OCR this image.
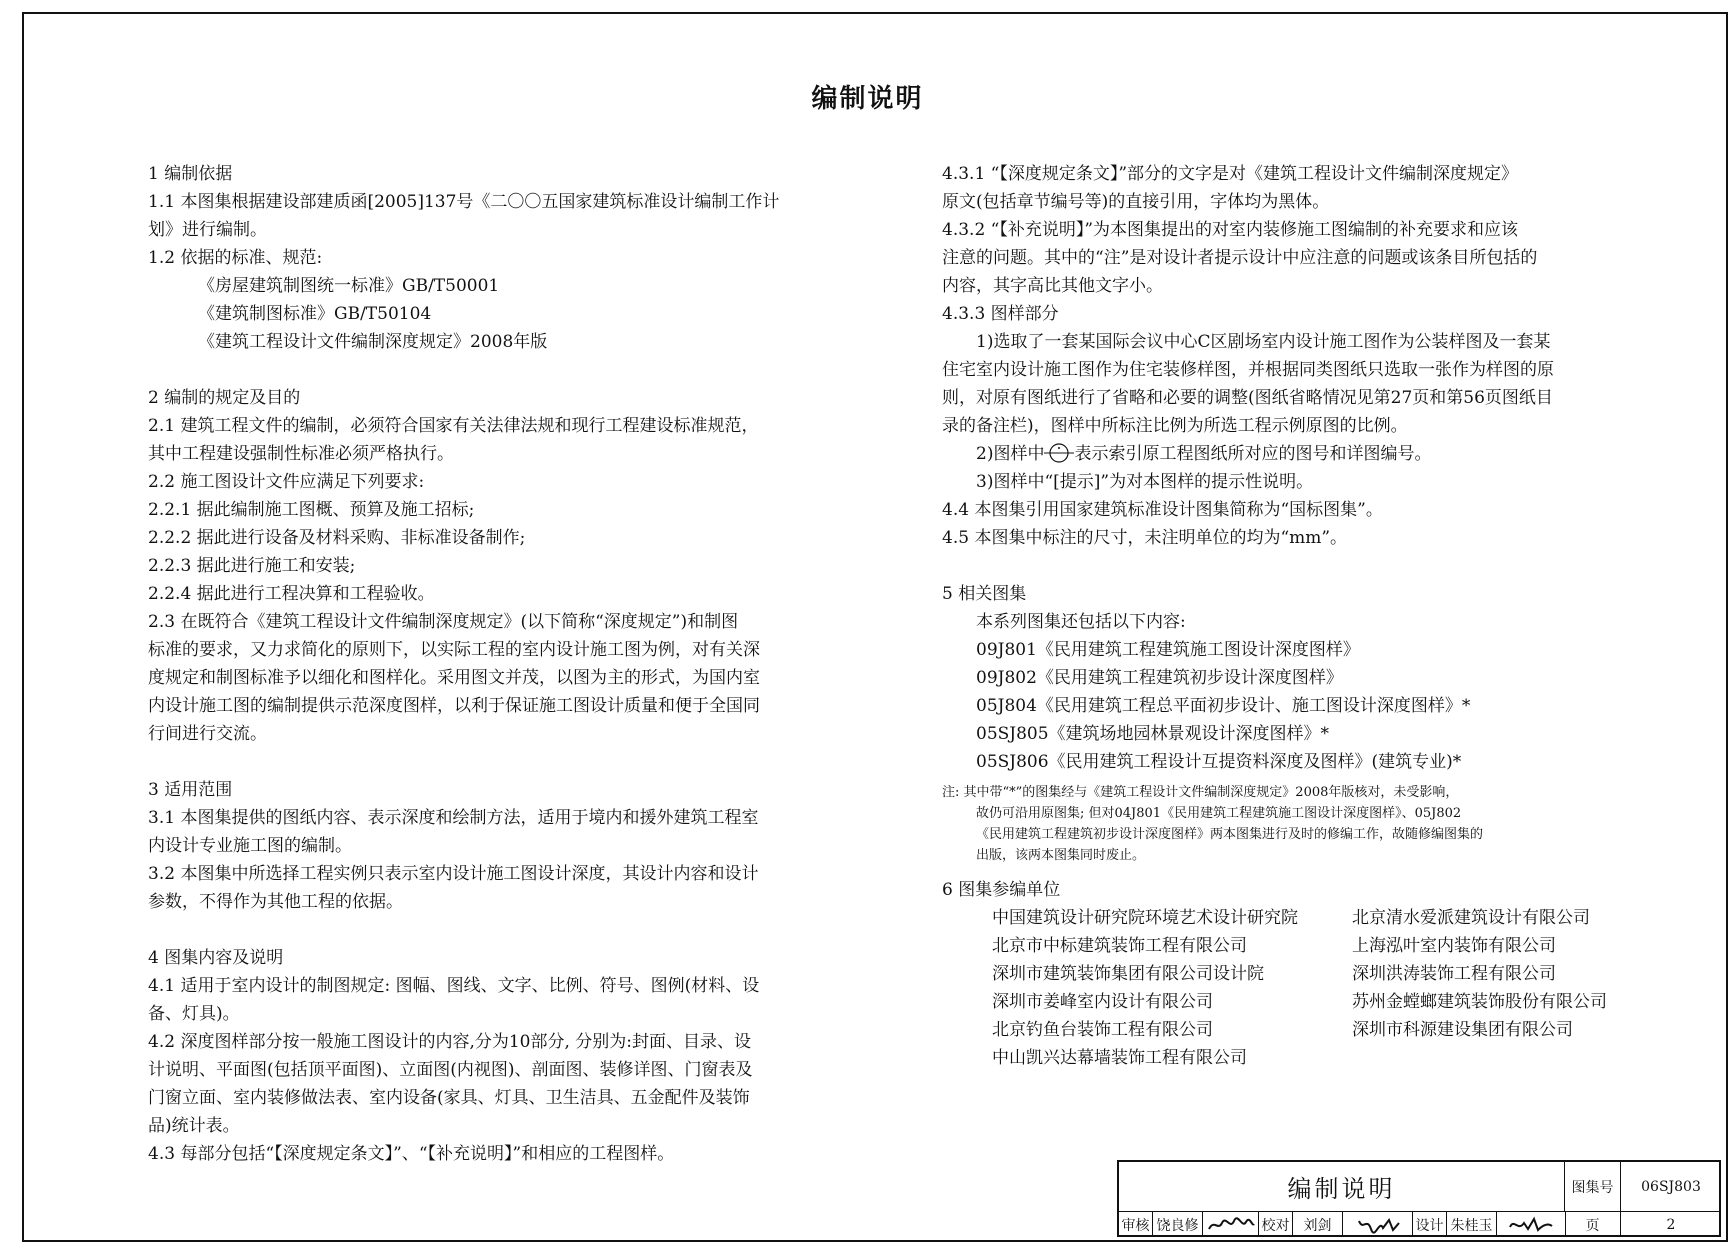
编制说明
1 编制依据
1.1 本图集根据建设部建质函[2005]137号《二〇〇五国家建筑标准设计编制工作计
划》进行编制。
1.2 依据的标准、规范:
《房屋建筑制图统一标准》GB/T50001
《建筑制图标准》GB/T50104
《建筑工程设计文件编制深度规定》2008年版
2 编制的规定及目的
2.1 建筑工程文件的编制，必须符合国家有关法律法规和现行工程建设标准规范，
其中工程建设强制性标准必须严格执行。
2.2 施工图设计文件应满足下列要求:
2.2.1 据此编制施工图概、预算及施工招标;
2.2.2 据此进行设备及材料采购、非标准设备制作;
2.2.3 据此进行施工和安装;
2.2.4 据此进行工程决算和工程验收。
2.3 在既符合《建筑工程设计文件编制深度规定》(以下简称“深度规定”)和制图
标准的要求，又力求简化的原则下，以实际工程的室内设计施工图为例，对有关深
度规定和制图标准予以细化和图样化。采用图文并茂，以图为主的形式，为国内室
内设计施工图的编制提供示范深度图样，以利于保证施工图设计质量和便于全国同
行间进行交流。
3 适用范围
3.1 本图集提供的图纸内容、表示深度和绘制方法，适用于境内和援外建筑工程室
内设计专业施工图的编制。
3.2 本图集中所选择工程实例只表示室内设计施工图设计深度，其设计内容和设计
参数，不得作为其他工程的依据。
4 图集内容及说明
4.1 适用于室内设计的制图规定: 图幅、图线、文字、比例、符号、图例(材料、设
备、灯具)。
4.2 深度图样部分按一般施工图设计的内容,分为10部分, 分别为:封面、目录、设
计说明、平面图(包括顶平面图)、立面图(内视图)、剖面图、装修详图、门窗表及
门窗立面、室内装修做法表、室内设备(家具、灯具、卫生洁具、五金配件及装饰
品)统计表。
4.3 每部分包括“【深度规定条文】”、“【补充说明】”和相应的工程图样。
4.3.1 “【深度规定条文】”部分的文字是对《建筑工程设计文件编制深度规定》
原文(包括章节编号等)的直接引用，字体均为黑体。
4.3.2 “【补充说明】”为本图集提出的对室内装修施工图编制的补充要求和应该
注意的问题。其中的“注”是对设计者提示设计中应注意的问题或该条目所包括的
内容，其字高比其他文字小。
4.3.3 图样部分
1)选取了一套某国际会议中心C区剧场室内设计施工图作为公装样图及一套某
住宅室内设计施工图作为住宅装修样图，并根据同类图纸只选取一张作为样图的原
则，对原有图纸进行了省略和必要的调整(图纸省略情况见第27页和第56页图纸目
录的备注栏)，图样中所标注比例为所选工程示例原图的比例。
2)图样中 表示索引原工程图纸所对应的图号和详图编号。
3)图样中“[提示]”为对本图样的提示性说明。
4.4 本图集引用国家建筑标准设计图集简称为“国标图集”。
4.5 本图集中标注的尺寸，未注明单位的均为“mm”。
5 相关图集
本系列图集还包括以下内容:
09J801《民用建筑工程建筑施工图设计深度图样》
09J802《民用建筑工程建筑初步设计深度图样》
05J804《民用建筑工程总平面初步设计、施工图设计深度图样》*
05SJ805《建筑场地园林景观设计深度图样》*
05SJ806《民用建筑工程设计互提资料深度及图样》(建筑专业)*
注: 其中带“*”的图集经与《建筑工程设计文件编制深度规定》2008年版核对，未受影响，
故仍可沿用原图集; 但对04J801《民用建筑工程建筑施工图设计深度图样》、05J802
《民用建筑工程建筑初步设计深度图样》两本图集进行及时的修编工作，故随修编图集的
出版，该两本图集同时废止。
6 图集参编单位
中国建筑设计研究院环境艺术设计研究院	北京清水爱派建筑设计有限公司
北京市中标建筑装饰工程有限公司	上海泓叶室内装饰有限公司
深圳市建筑装饰集团有限公司设计院	深圳洪涛装饰工程有限公司
深圳市姜峰室内设计有限公司	苏州金螳螂建筑装饰股份有限公司
北京钓鱼台装饰工程有限公司	深圳市科源建设集团有限公司
中山凯兴达幕墙装饰工程有限公司
编制说明	图集号	06SJ803
页	2
审核 饶良修	校对	刘剑	设计 朱桂玉
